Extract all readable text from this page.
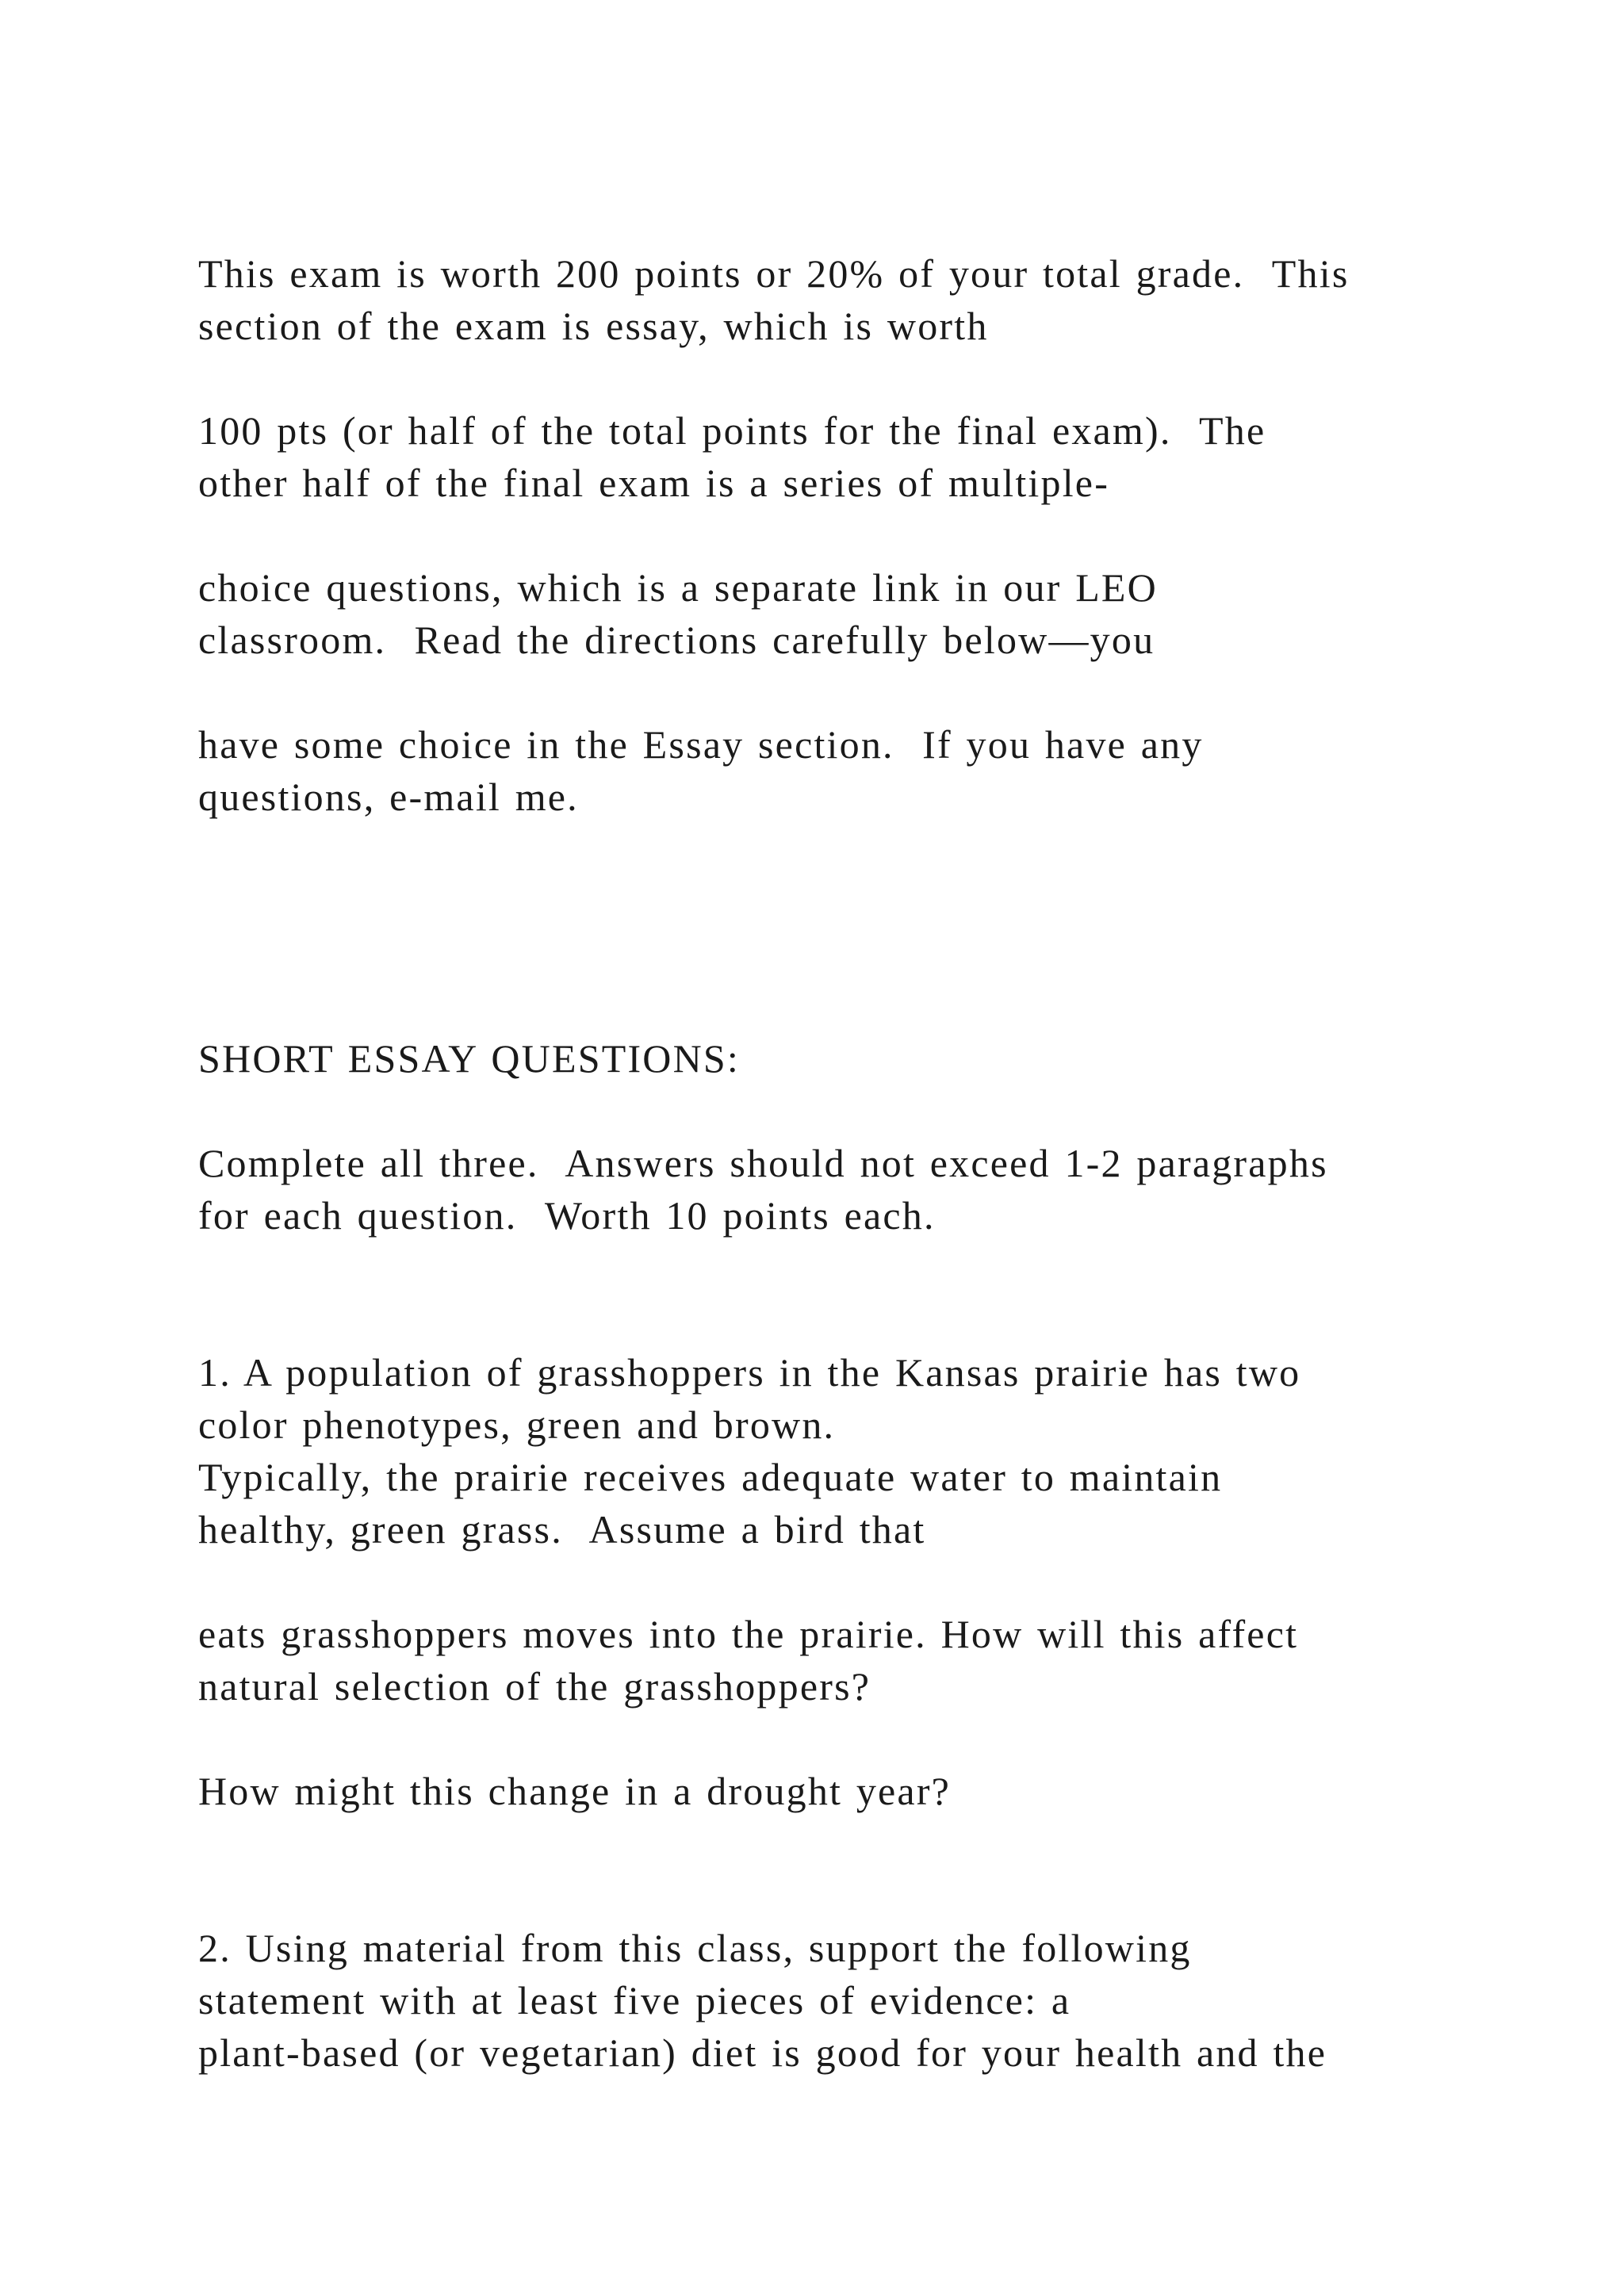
This exam is worth 200 points or 20% of your total grade.  This
section of the exam is essay, which is worth
100 pts (or half of the total points for the final exam).  The
other half of the final exam is a series of multiple-
choice questions, which is a separate link in our LEO
classroom.  Read the directions carefully below—you
have some choice in the Essay section.  If you have any
questions, e-mail me.
SHORT ESSAY QUESTIONS:
Complete all three.  Answers should not exceed 1-2 paragraphs
for each question.  Worth 10 points each.
1. A population of grasshoppers in the Kansas prairie has two
color phenotypes, green and brown.
Typically, the prairie receives adequate water to maintain
healthy, green grass.  Assume a bird that
eats grasshoppers moves into the prairie. How will this affect
natural selection of the grasshoppers?
How might this change in a drought year?
2. Using material from this class, support the following
statement with at least five pieces of evidence: a
plant-based (or vegetarian) diet is good for your health and the
